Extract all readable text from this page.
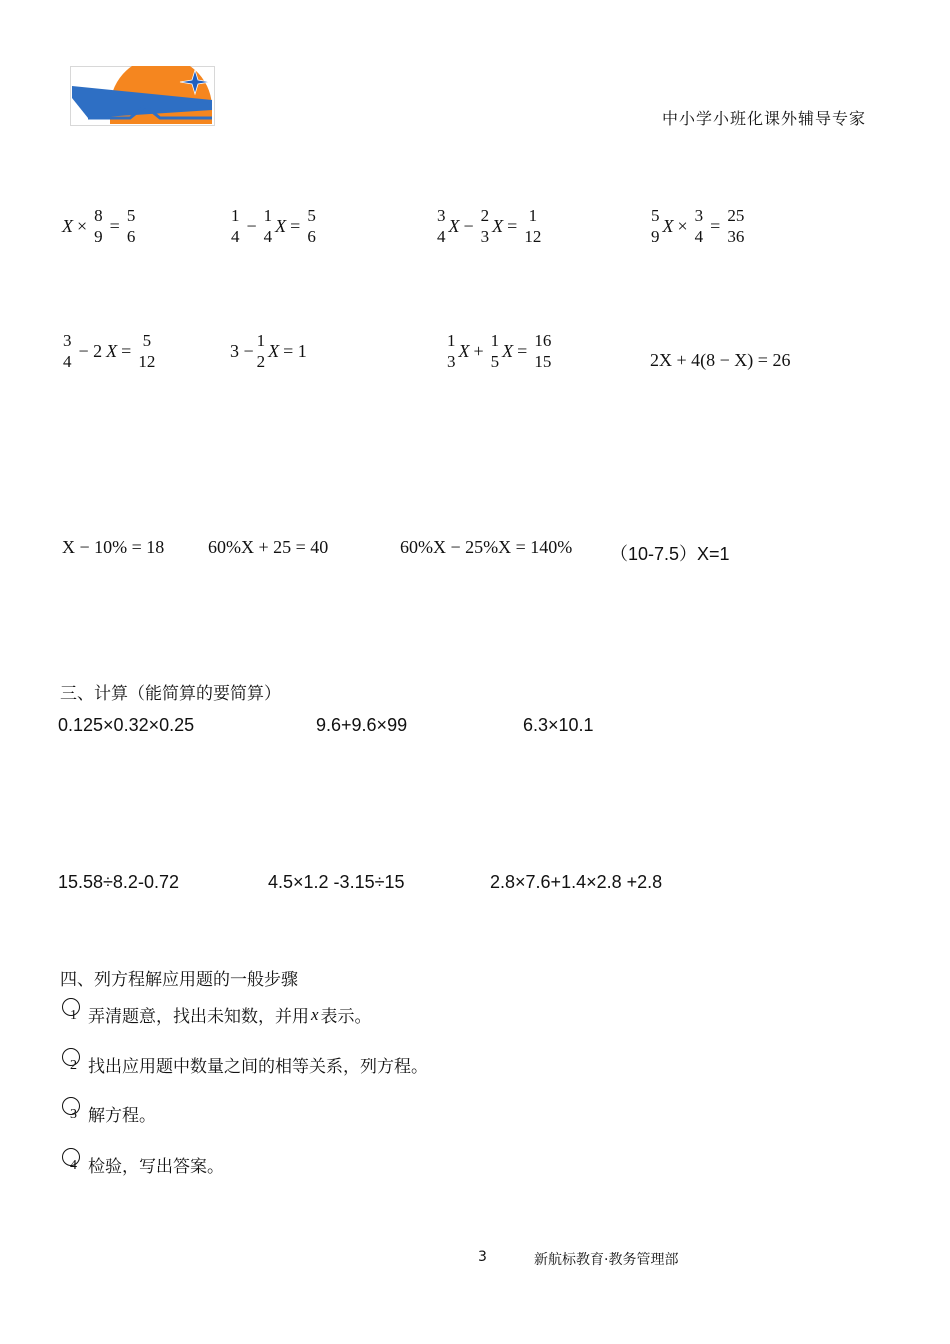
中小学小班化课外辅导专家
X × 8
9
= 5
6
1
4
− 1
4
X = 5
6
3
4
X − 2
3
X = 1
12
5
9
X × 3
4
= 25
36
3
4
− 2 X = 5
12
3 − 1
2
X = 1	1
3
X + 1
5
X = 16
15	2X + 4(8 − X) = 26
X − 10% = 18 60%X + 25 = 40	60%X − 25%X = 140% （10-7.5）X=1
三、计算（能简算的要简算）
0.125×0.32×0.25	9.6+9.6×99	6.3×10.1
15.58÷8.2-0.72	4.5×1.2 -3.15÷15	2.8×7.6+1.4×2.8 +2.8
四、列方程解应用题的一般步骤
1 弄清题意，找出未知数，并用 x 表示。
2 找出应用题中数量之间的相等关系，列方程。
3 解方程。
4 检验，写出答案。
3	新航标教育·教务管理部
